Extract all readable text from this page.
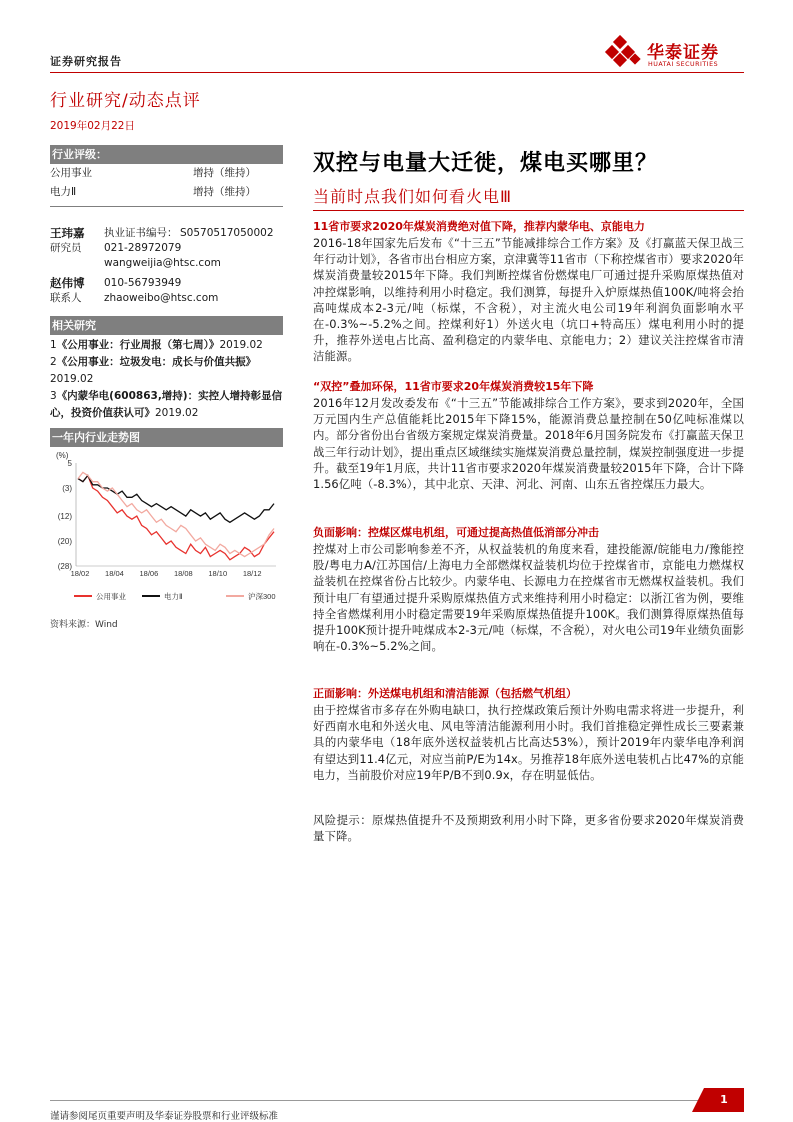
证券研究报告	华泰证券
HUATAI SECURITIES
行业研究/动态点评
2019年02月22日
行业评级：
公用事业	增持（维持）
电力Ⅱ	增持（维持）
王玮嘉 执业证书编号： S0570517050002
研究员 021-28972079
wangweijia@htsc.com
赵伟博 010-56793949
联系人 zhaoweibo@htsc.com
相关研究
1《公用事业：行业周报（第七周）》2019.02
2《公用事业：垃圾发电：成长与价值共振》2019.02
3《内蒙华电(600863,增持)：实控人增持彰显信心，投资价值获认可》2019.02
一年内行业走势图
(%)
5
(3)
(12)
(20)
(28)
18/02 18/04 18/06 18/08 18/10 18/12
公用事业	电力Ⅱ	沪深300
资料来源：Wind
双控与电量大迁徙，煤电买哪里？
当前时点我们如何看火电Ⅲ
11省市要求2020年煤炭消费绝对值下降，推荐内蒙华电、京能电力

2016-18年国家先后发布《“十三五”节能减排综合工作方案》及《打赢蓝天保卫战三年行动计划》，各省市出台相应方案，京津冀等11省市（下称控煤省市）要求2020年煤炭消费量较2015年下降。我们判断控煤省份燃煤电厂可通过提升采购原煤热值对冲控煤影响，以维持利用小时稳定。我们测算，每提升入炉原煤热值100K/吨将会抬高吨煤成本2-3元/吨（标煤，不含税），对主流火电公司19年利润负面影响水平在-0.3%~-5.2%之间。控煤利好1）外送火电（坑口+特高压）煤电利用小时的提升，推荐外送电占比高、盈利稳定的内蒙华电、京能电力；2）建议关注控煤省市清洁能源。

“双控”叠加环保，11省市要求20年煤炭消费较15年下降

2016年12月发改委发布《“十三五”节能减排综合工作方案》，要求到2020年，全国万元国内生产总值能耗比2015年下降15%，能源消费总量控制在50亿吨标准煤以内。部分省份出台省级方案规定煤炭消费量。2018年6月国务院发布《打赢蓝天保卫战三年行动计划》，提出重点区域继续实施煤炭消费总量控制，煤炭控制强度进一步提升。截至19年1月底，共计11省市要求2020年煤炭消费量较2015年下降，合计下降1.56亿吨（-8.3%），其中北京、天津、河北、河南、山东五省控煤压力最大。

负面影响：控煤区煤电机组，可通过提高热值低消部分冲击

控煤对上市公司影响参差不齐，从权益装机的角度来看，建投能源/皖能电力/豫能控股/粤电力A/江苏国信/上海电力全部燃煤权益装机均位于控煤省市，京能电力燃煤权益装机在控煤省份占比较少。内蒙华电、长源电力在控煤省市无燃煤权益装机。我们预计电厂有望通过提升采购原煤热值方式来维持利用小时稳定：以浙江省为例，要维持全省燃煤利用小时稳定需要19年采购原煤热值提升100K。我们测算得原煤热值每提升100K预计提升吨煤成本2-3元/吨（标煤，不含税），对火电公司19年业绩负面影响在-0.3%~5.2%之间。

正面影响：外送煤电机组和清洁能源（包括燃气机组）

由于控煤省市多存在外购电缺口，执行控煤政策后预计外购电需求将进一步提升，利好西南水电和外送火电、风电等清洁能源利用小时。我们首推稳定弹性成长三要素兼具的内蒙华电（18年底外送权益装机占比高达53%），预计2019年内蒙华电净利润有望达到11.4亿元，对应当前P/E为14x。另推荐18年底外送电装机占比47%的京能电力，当前股价对应19年P/B不到0.9x，存在明显低估。

风险提示：原煤热值提升不及预期致利用小时下降，更多省份要求2020年煤炭消费量下降。

谨请参阅尾页重要声明及华泰证券股票和行业评级标准
1
